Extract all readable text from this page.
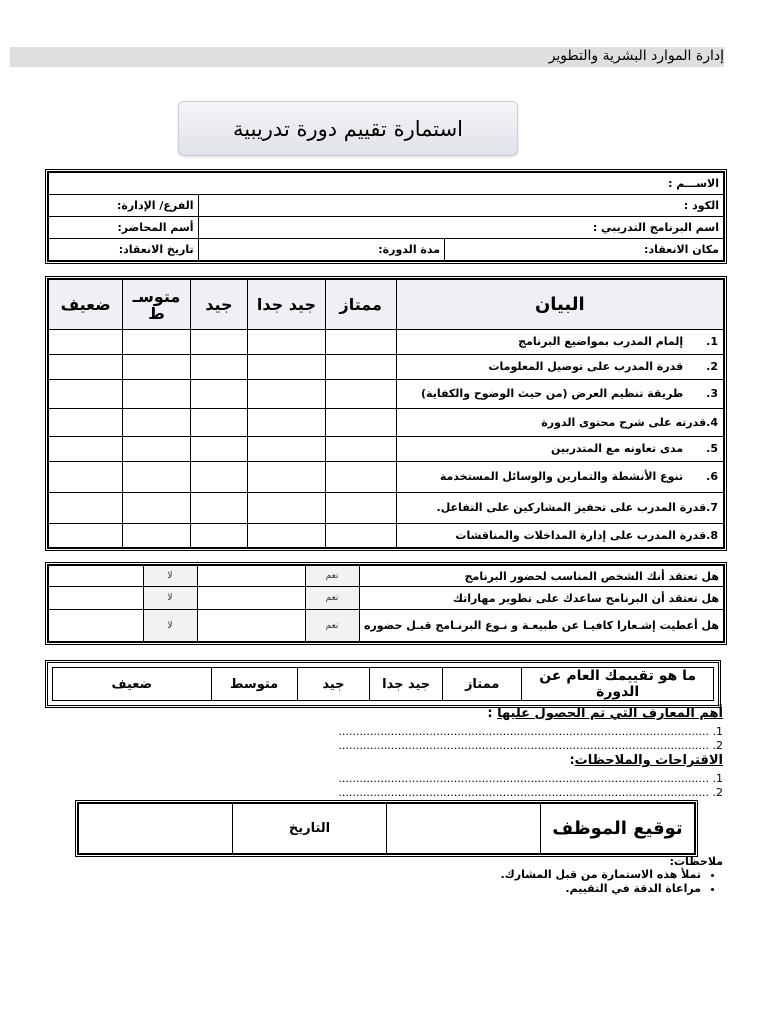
إدارة الموارد البشرية والتطوير
استمارة تقييم دورة تدريبية
الاســـم :		
الكود :		الفرع/ الإدارة:
اسم البرنامج التدريبي :		أسم المحاضر:
مكان الانعقاد:	مدة الدورة:	تاريخ الانعقاد:
البيان	ممتاز	جيد جدا	جيد	متوسـ ط	ضعيف
1.      إلمام المدرب بمواضيع البرنامج					
2.      قدرة المدرب على توصيل المعلومات					
3.      طريقة تنظيم العرض (من حيث الوضوح والكفاية)					
4.قدرته على شرح محتوى الدورة					
5.      مدى تعاونه مع المتدربين					
6.      تنوع الأنشطة والتمارين والوسائل المستخدمة					
7.قدرة المدرب على تحفيز المشاركين على التفاعل.					
8.قدرة المدرب على إدارة المداخلات والمناقشات					
هل تعتقد أنك الشخص المناسب لحضور البرنامج	نعم		لا	
هل تعتقد أن البرنامج ساعدك على تطوير مهاراتك	نعم		لا	
هل أعطيت إشـعارا كافيـا عن طبيعـة و نـوع البرنـامج قبـل حضوره	نعم		لا	
ما هو تقييمك العام عن الدورة	ممتاز	جيد جدا	جيد	متوسط	ضعيف
أهم المعارف التي تم الحصول عليها :
1. ..........................................................................................................
2. ..........................................................................................................
الاقتراحات والملاحظات:
1. ..........................................................................................................
2. ..........................................................................................................
توقيع الموظف		التاريخ	
ملاحظات:
• تملأ هذه الاستمارة من قبل المشارك.
• مراعاة الدقة في التقييم.
